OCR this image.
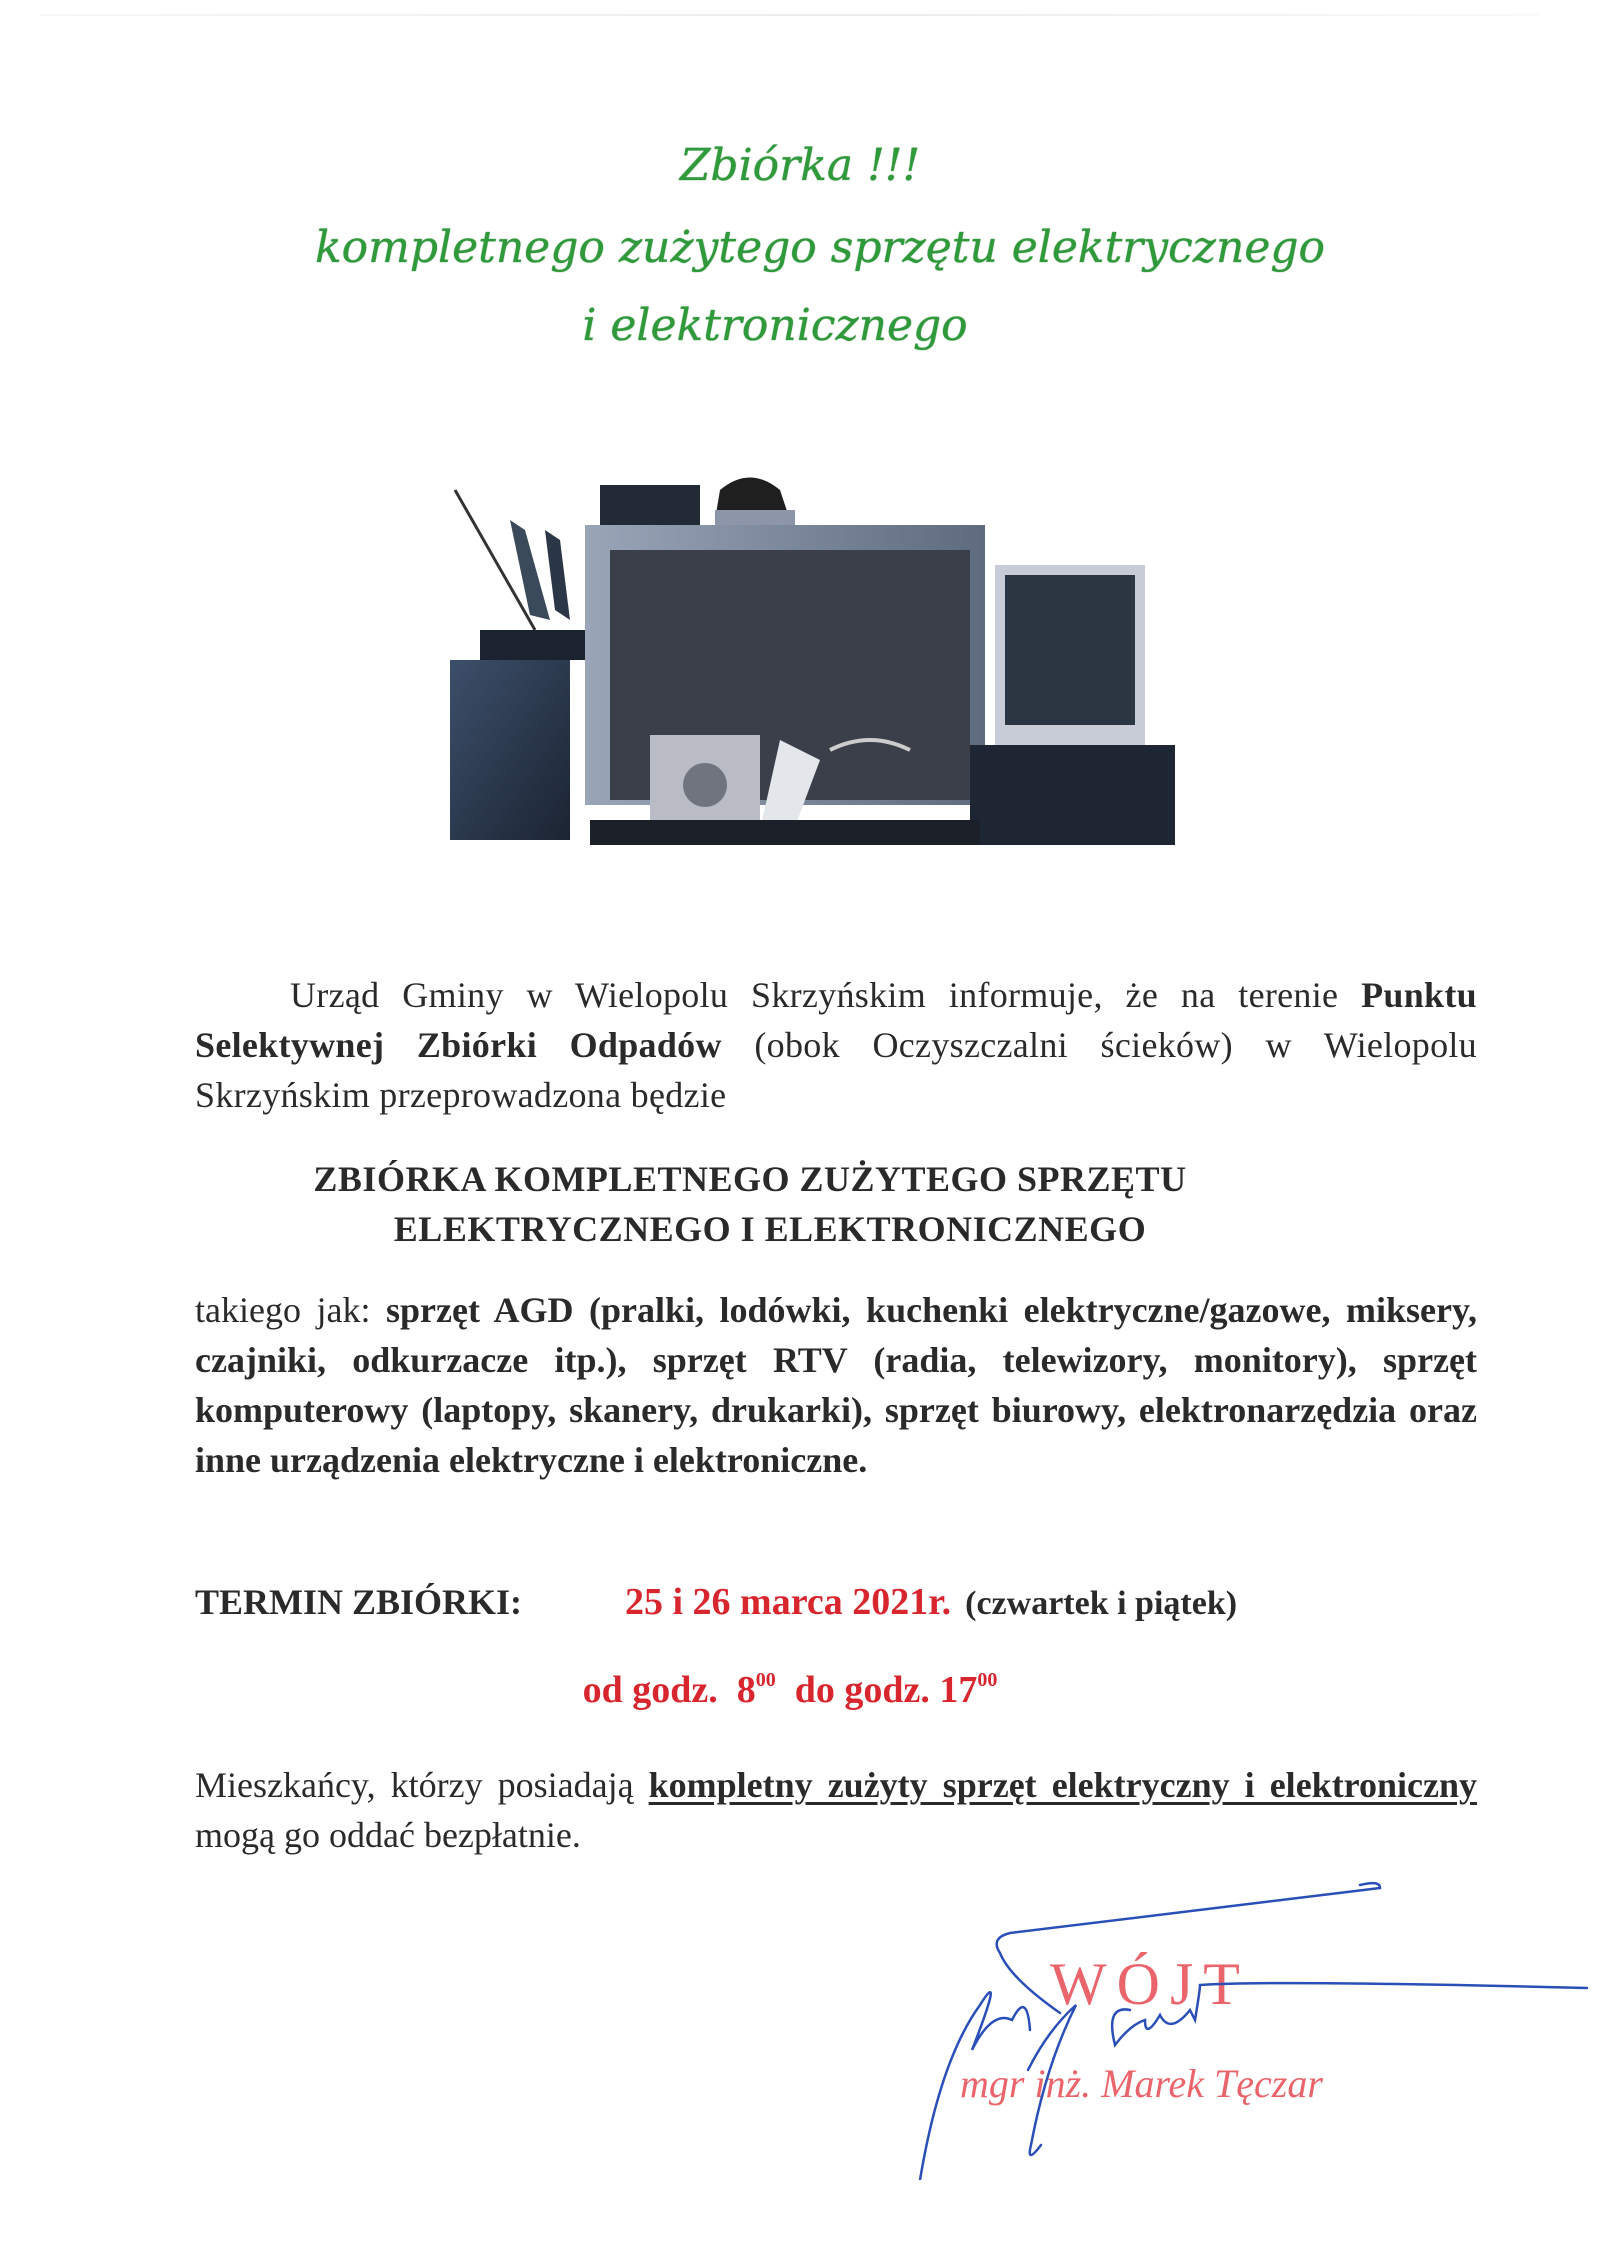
Zbiórka !!!
kompletnego zużytego sprzętu elektrycznego
i elektronicznego
Urząd Gminy w Wielopolu Skrzyńskim informuje, że na terenie Punktu Selektywnej Zbiórki Odpadów (obok Oczyszczalni ścieków) w Wielopolu Skrzyńskim przeprowadzona będzie
ZBIÓRKA KOMPLETNEGO ZUŻYTEGO SPRZĘTU
ELEKTRYCZNEGO I ELEKTRONICZNEGO
takiego jak: sprzęt AGD (pralki, lodówki, kuchenki elektryczne/gazowe, miksery, czajniki, odkurzacze itp.), sprzęt RTV (radia, telewizory, monitory), sprzęt komputerowy (laptopy, skanery, drukarki), sprzęt biurowy, elektronarzędzia oraz inne urządzenia elektryczne i elektroniczne.
TERMIN ZBIÓRKI:	25 i 26 marca 2021r. (czwartek i piątek)
od godz. $8^{00}$ do godz. $17^{00}$
Mieszkańcy, którzy posiadają kompletny zużyty sprzęt elektryczny i elektroniczny mogą go oddać bezpłatnie.
WÓJT
mgr inż. Marek Tęczar
